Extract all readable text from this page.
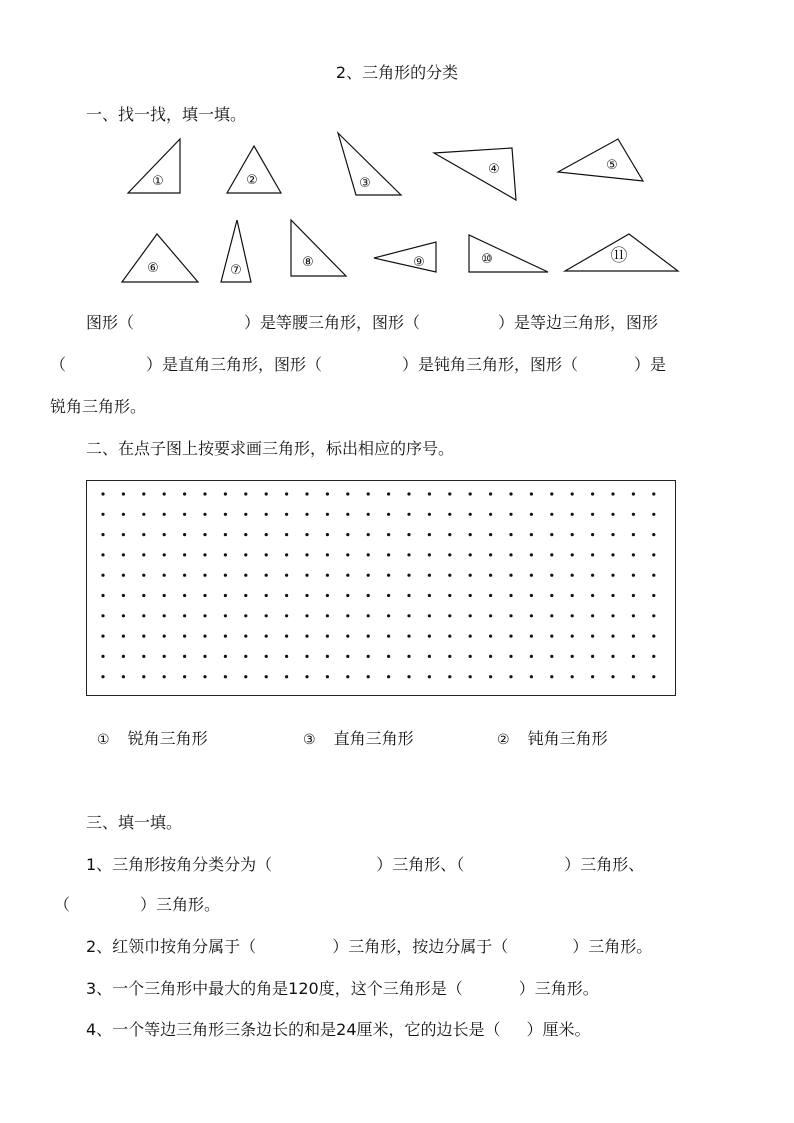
2、三角形的分类
一、找一找，填一填。
①	②	③
④	⑤
⑥	⑦
⑧	⑨	⑩	⑪
图形（	）是等腰三角形，图形（	）是等边三角形，图形
（	）是直角三角形，图形（	）是钝角三角形，图形（	）是
锐角三角形。
二、在点子图上按要求画三角形，标出相应的序号。
① 锐角三角形	③ 直角三角形	② 钝角三角形
三、填一填。
1、三角形按角分类分为（	）三角形、（	）三角形、
（	）三角形。
2、红领巾按角分属于（	）三角形，按边分属于（	）三角形。
3、一个三角形中最大的角是120度，这个三角形是（	）三角形。
4、一个等边三角形三条边长的和是24厘米，它的边长是（ ）厘米。
